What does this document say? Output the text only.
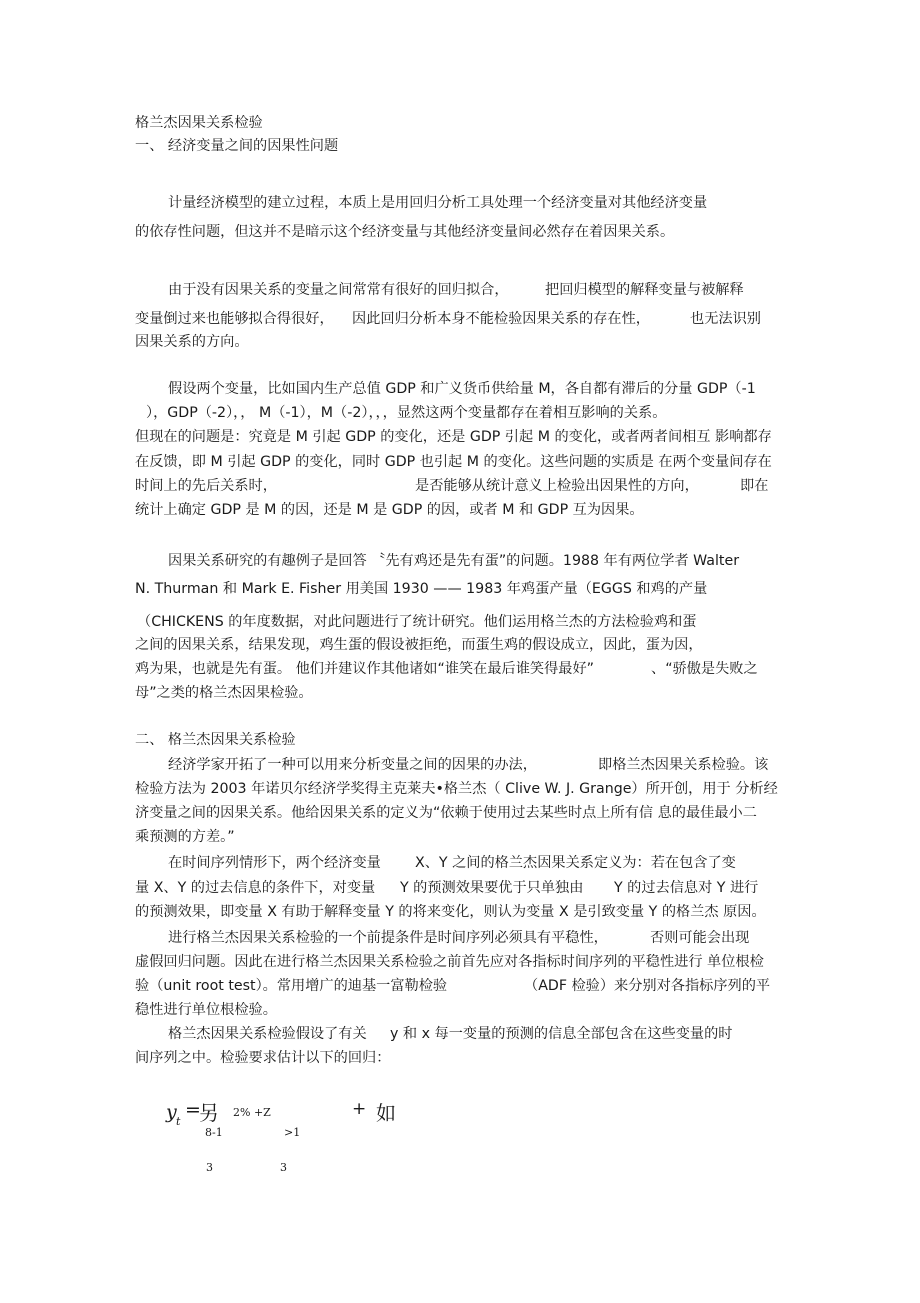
格兰杰因果关系检验
一、 经济变量之间的因果性问题
计量经济模型的建立过程，本质上是用回归分析工具处理一个经济变量对其他经济变量
的依存性问题，但这并不是暗示这个经济变量与其他经济变量间必然存在着因果关系。
由于没有因果关系的变量之间常常有很好的回归拟合，	把回归模型的解释变量与被解释
变量倒过来也能够拟合得很好， 因此回归分析本身不能检验因果关系的存在性，	也无法识别
因果关系的方向。
假设两个变量，比如国内生产总值 GDP 和广义货币供给量 M，各自都有滞后的分量 GDP（-1
），GDP（-2），， M（-1），M（-2），，，显然这两个变量都存在着相互影响的关系。
但现在的问题是：究竟是 M 引起 GDP 的变化，还是 GDP 引起 M 的变化，或者两者间相互 影响都存
在反馈，即 M 引起 GDP 的变化，同时 GDP 也引起 M 的变化。这些问题的实质是 在两个变量间存在
时间上的先后关系时，	是否能够从统计意义上检验出因果性的方向，	即在
统计上确定 GDP 是 M 的因，还是 M 是 GDP 的因，或者 M 和 GDP 互为因果。
因果关系研究的有趣例子是回答 〝先有鸡还是先有蛋”的问题。1988 年有两位学者 Walter
N. Thurman 和 Mark E. Fisher 用美国 1930 —— 1983 年鸡蛋产量（EGGS 和鸡的产量
（CHICKENS 的年度数据，对此问题进行了统计研究。他们运用格兰杰的方法检验鸡和蛋
之间的因果关系，结果发现，鸡生蛋的假设被拒绝，而蛋生鸡的假设成立，因此，蛋为因，
鸡为果，也就是先有蛋。 他们并建议作其他诸如“谁笑在最后谁笑得最好”	、“骄傲是失败之
母”之类的格兰杰因果检验。
二、 格兰杰因果关系检验
经济学家开拓了一种可以用来分析变量之间的因果的办法，	即格兰杰因果关系检验。该
检验方法为 2003 年诺贝尔经济学奖得主克莱夫•格兰杰（ Clive W. J. Grange）所开创，用于 分析经
济变量之间的因果关系。他给因果关系的定义为“依赖于使用过去某些时点上所有信 息的最佳最小二
乘预测的方差。”
在时间序列情形下，两个经济变量 X、Y 之间的格兰杰因果关系定义为：若在包含了变
量 X、Y 的过去信息的条件下，对变量 Y 的预测效果要优于只单独由 Y 的过去信息对 Y 进行
的预测效果，即变量 X 有助于解释变量 Y 的将来变化，则认为变量 X 是引致变量 Y 的格兰杰 原因。
进行格兰杰因果关系检验的一个前提条件是时间序列必须具有平稳性，	否则可能会出现
虚假回归问题。因此在进行格兰杰因果关系检验之前首先应对各指标时间序列的平稳性进行 单位根检
验（unit root test）。常用增广的迪基一富勒检验	（ADF 检验）来分别对各指标序列的平
稳性进行单位根检验。
格兰杰因果关系检验假设了有关 y 和 x 每一变量的预测的信息全部包含在这些变量的时
间序列之中。检验要求估计以下的回归：
y t
=
另 2% +Z	+ 如
8-1	>1
3	3
